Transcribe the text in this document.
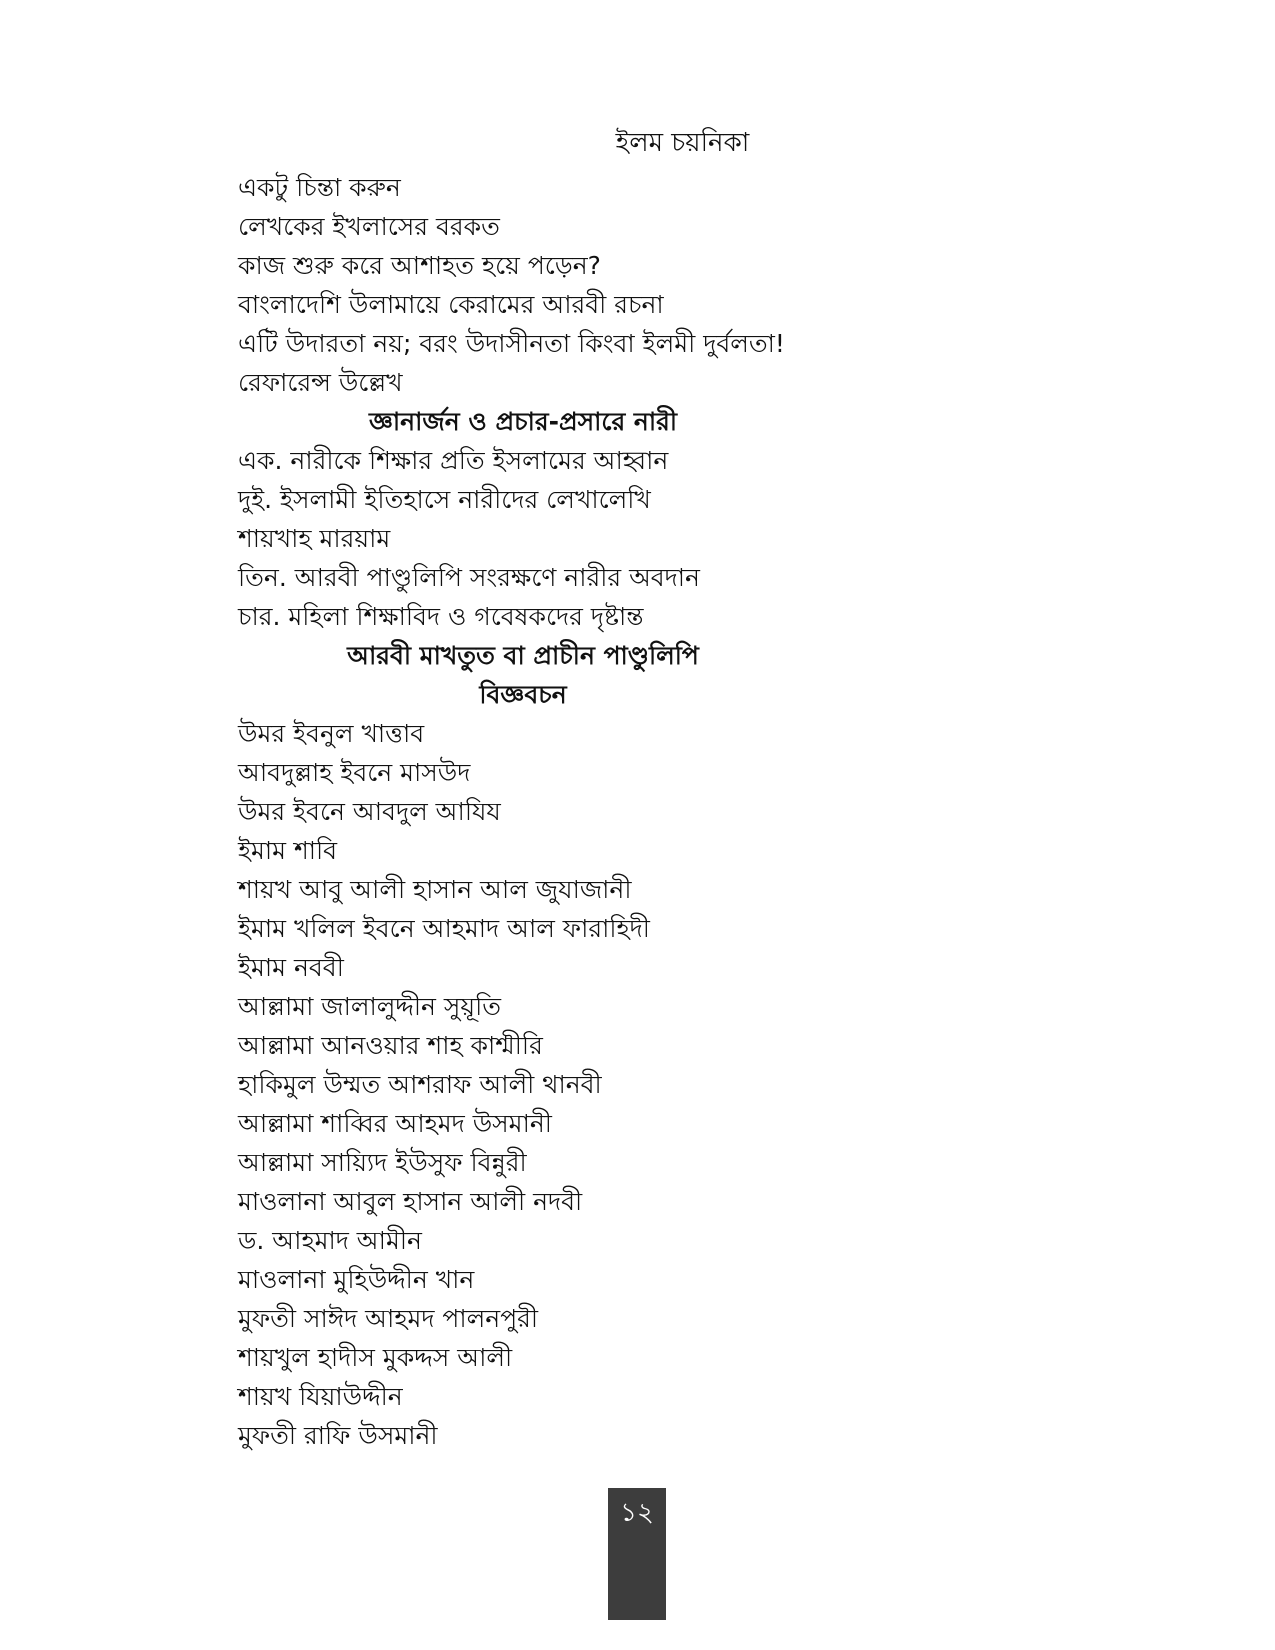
ইলম চয়নিকা
একটু চিন্তা করুন
লেখকের ইখলাসের বরকত
কাজ শুরু করে আশাহত হয়ে পড়েন?
বাংলাদেশি উলামায়ে কেরামের আরবী রচনা
এটি উদারতা নয়; বরং উদাসীনতা কিংবা ইলমী দুর্বলতা!
রেফারেন্স উল্লেখ
জ্ঞানার্জন ও প্রচার-প্রসারে নারী
এক. নারীকে শিক্ষার প্রতি ইসলামের আহ্বান
দুই. ইসলামী ইতিহাসে নারীদের লেখালেখি
শায়খাহ মারয়াম
তিন. আরবী পাণ্ডুলিপি সংরক্ষণে নারীর অবদান
চার. মহিলা শিক্ষাবিদ ও গবেষকদের দৃষ্টান্ত
আরবী মাখতুত বা প্রাচীন পাণ্ডুলিপি
বিজ্ঞবচন
উমর ইবনুল খাত্তাব
আবদুল্লাহ ইবনে মাসউদ
উমর ইবনে আবদুল আযিয
ইমাম শাবি
শায়খ আবু আলী হাসান আল জুযাজানী
ইমাম খলিল ইবনে আহমাদ আল ফারাহিদী
ইমাম নববী
আল্লামা জালালুদ্দীন সুয়ূতি
আল্লামা আনওয়ার শাহ কাশ্মীরি
হাকিমুল উম্মত আশরাফ আলী থানবী
আল্লামা শাব্বির আহমদ উসমানী
আল্লামা সায়্যিদ ইউসুফ বিন্নুরী
মাওলানা আবুল হাসান আলী নদবী
ড. আহমাদ আমীন
মাওলানা মুহিউদ্দীন খান
মুফতী সাঈদ আহমদ পালনপুরী
শায়খুল হাদীস মুকদ্দস আলী
শায়খ যিয়াউদ্দীন
মুফতী রাফি উসমানী
১২
